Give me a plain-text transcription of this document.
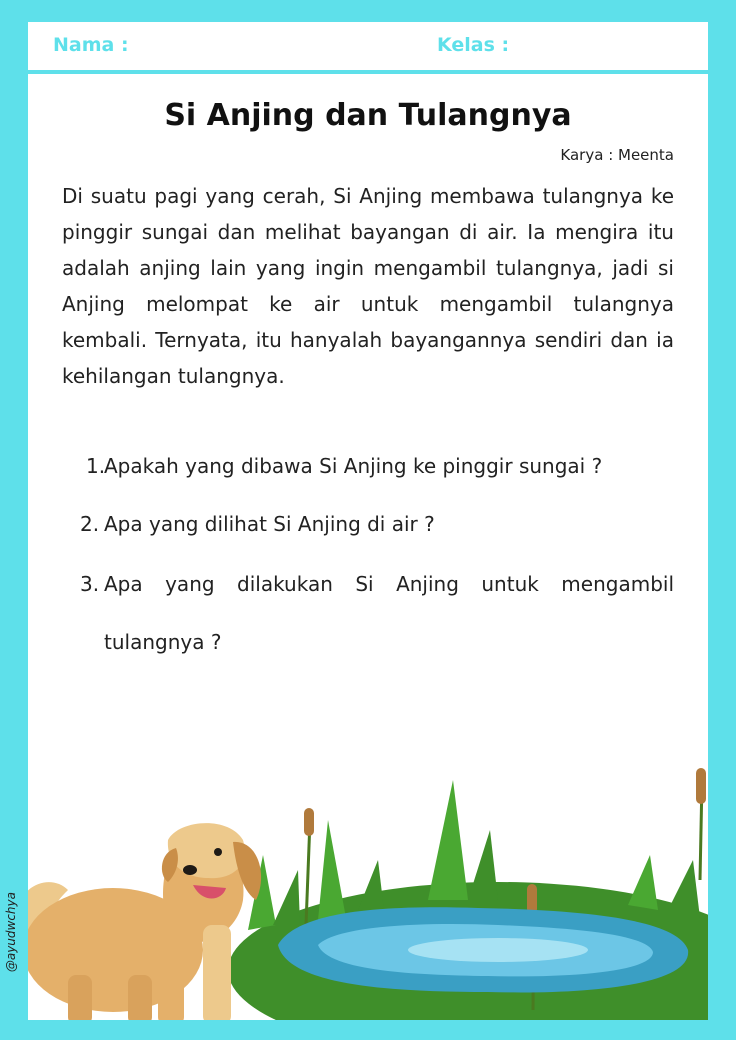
Nama :	Kelas :
Si Anjing dan Tulangnya
Karya : Meenta
Di suatu pagi yang cerah, Si Anjing membawa tulangnya ke pinggir sungai dan melihat bayangan di air. Ia mengira itu adalah anjing lain yang ingin mengambil tulangnya, jadi si Anjing melompat ke air untuk mengambil tulangnya kembali. Ternyata, itu hanyalah bayangannya sendiri dan ia kehilangan tulangnya.
1.
Apakah yang dibawa Si Anjing ke pinggir sungai ?
2. Apa yang dilihat Si Anjing di air ?
3. Apa yang dilakukan Si Anjing untuk mengambil
tulangnya ?
@ayudwchya
